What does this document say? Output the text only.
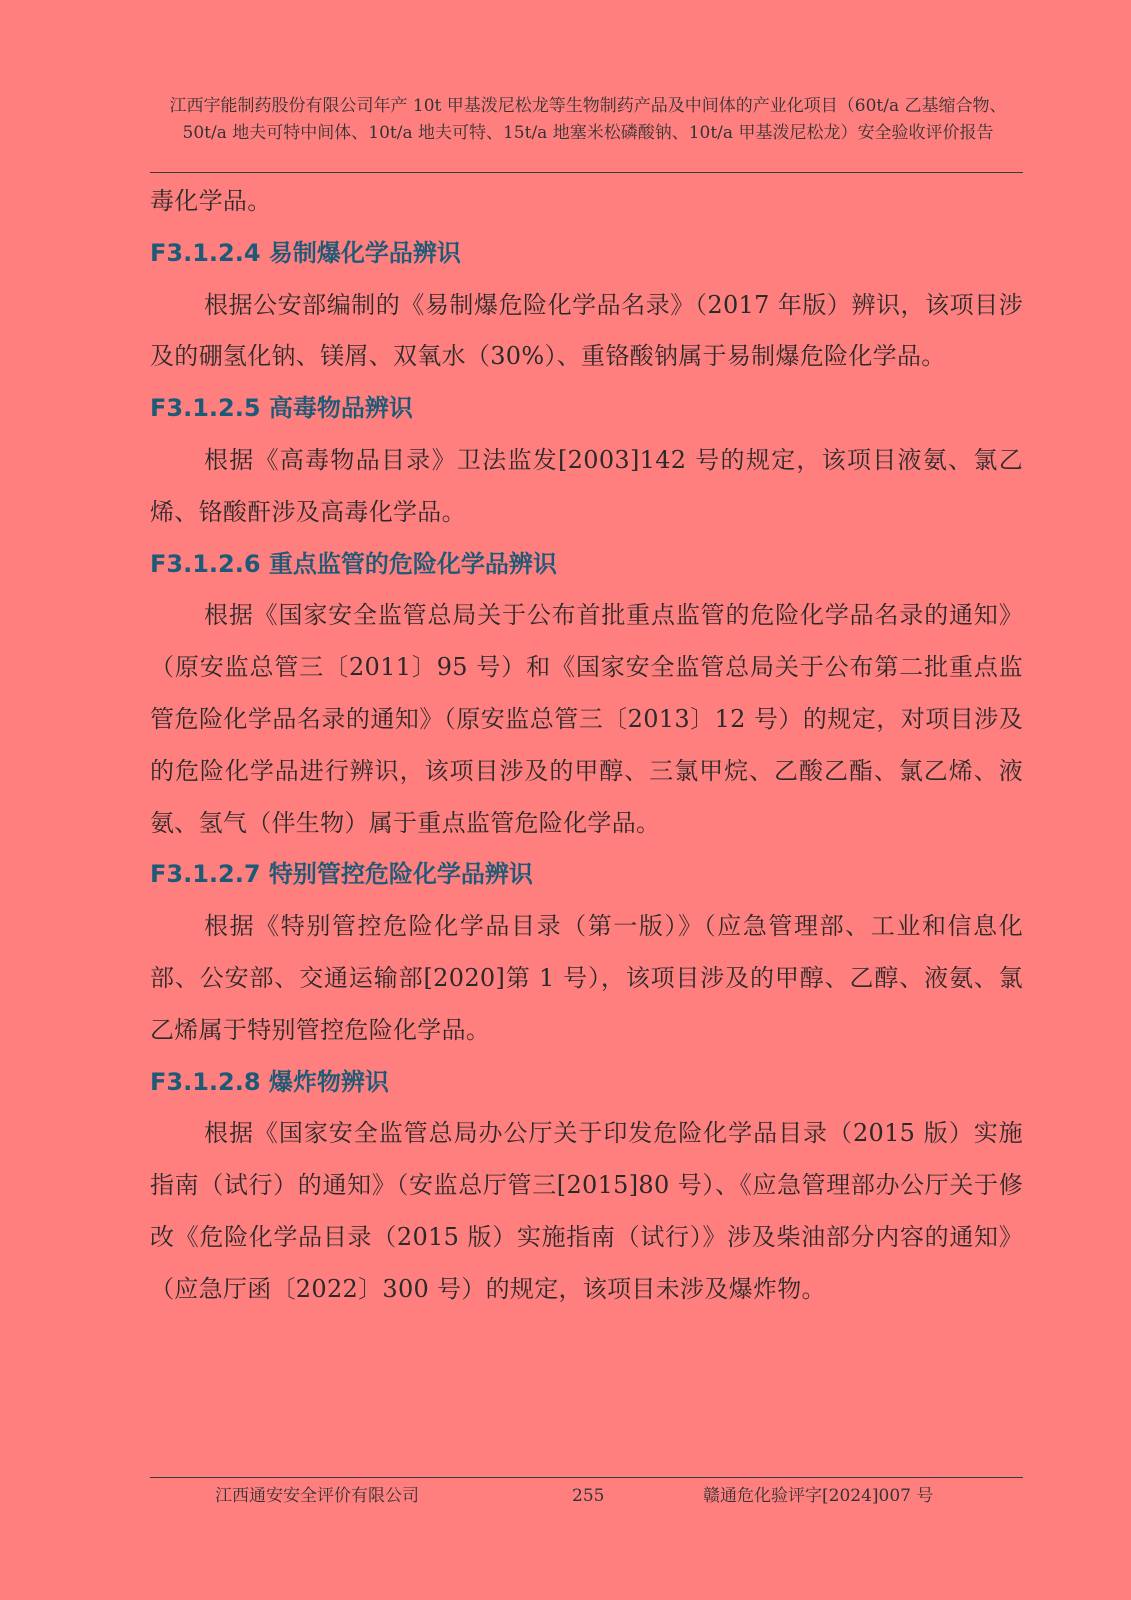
江西宇能制药股份有限公司年产 10t 甲基泼尼松龙等生物制药产品及中间体的产业化项目（60t/a 乙基缩合物、50t/a 地夫可特中间体、10t/a 地夫可特、15t/a 地塞米松磷酸钠、10t/a 甲基泼尼松龙）安全验收评价报告

毒化学品。

F3.1.2.4 易制爆化学品辨识

根据公安部编制的《易制爆危险化学品名录》（2017 年版）辨识，该项目涉及的硼氢化钠、镁屑、双氧水（30%）、重铬酸钠属于易制爆危险化学品。

F3.1.2.5 高毒物品辨识

根据《高毒物品目录》卫法监发[2003]142 号的规定，该项目液氨、氯乙烯、铬酸酐涉及高毒化学品。

F3.1.2.6 重点监管的危险化学品辨识

根据《国家安全监管总局关于公布首批重点监管的危险化学品名录的通知》（原安监总管三〔2011〕95 号）和《国家安全监管总局关于公布第二批重点监管危险化学品名录的通知》（原安监总管三〔2013〕12 号）的规定，对项目涉及的危险化学品进行辨识，该项目涉及的甲醇、三氯甲烷、乙酸乙酯、氯乙烯、液氨、氢气（伴生物）属于重点监管危险化学品。

F3.1.2.7 特别管控危险化学品辨识

根据《特别管控危险化学品目录（第一版）》（应急管理部、工业和信息化部、公安部、交通运输部[2020]第 1 号），该项目涉及的甲醇、乙醇、液氨、氯乙烯属于特别管控危险化学品。

F3.1.2.8 爆炸物辨识

根据《国家安全监管总局办公厅关于印发危险化学品目录（2015 版）实施指南（试行）的通知》（安监总厅管三[2015]80 号）、《应急管理部办公厅关于修改《危险化学品目录（2015 版）实施指南（试行）》涉及柴油部分内容的通知》（应急厅函〔2022〕300 号）的规定，该项目未涉及爆炸物。

江西通安安全评价有限公司	255	赣通危化验评字[2024]007 号
